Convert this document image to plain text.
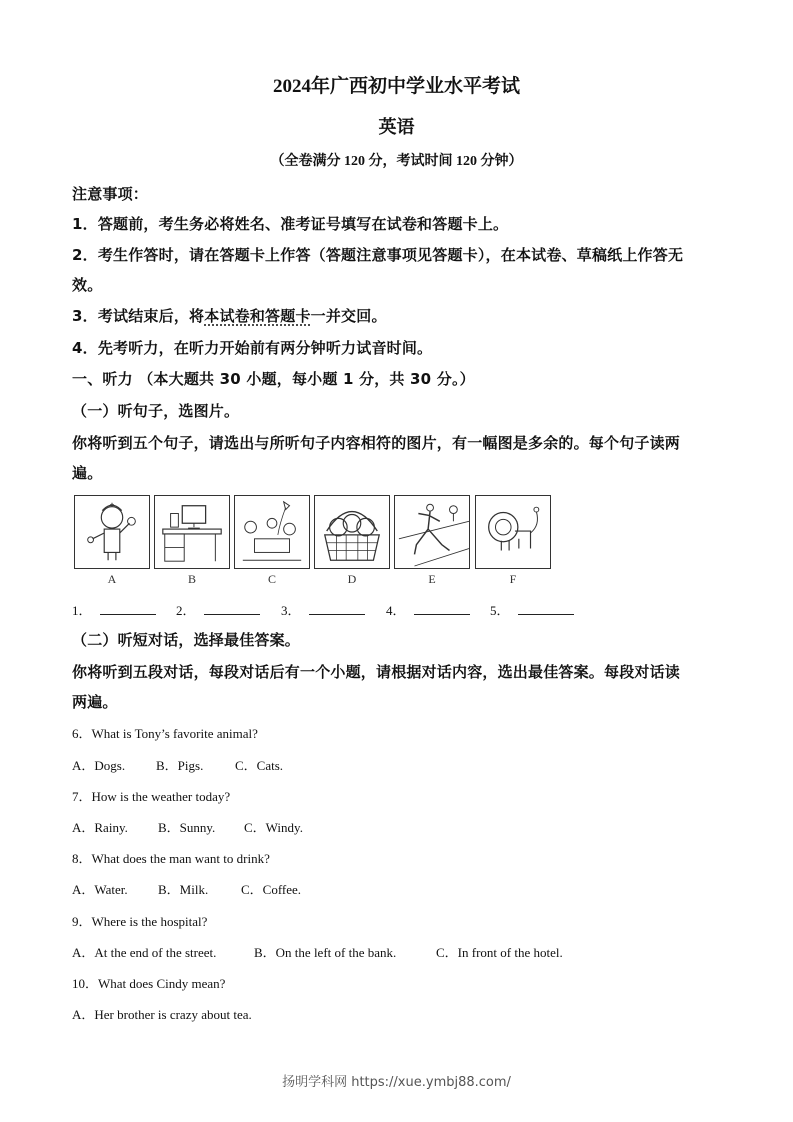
2024年广西初中学业水平考试
英语
（全卷满分 120 分，考试时间 120 分钟）
注意事项：
1．答题前，考生务必将姓名、准考证号填写在试卷和答题卡上。
2．考生作答时，请在答题卡上作答（答题注意事项见答题卡），在本试卷、草稿纸上作答无
效。
3．考试结束后，将本试卷和答题卡一并交回。
4．先考听力，在听力开始前有两分钟听力试音时间。
一、听力 （本大题共 30 小题，每小题 1 分，共 30 分。）
（一）听句子，选图片。
你将听到五个句子，请选出与所听句子内容相符的图片，有一幅图是多余的。每个句子读两
遍。
A	B	C	D	E	F
1．	2．	3．	4．	5．
（二）听短对话，选择最佳答案。
你将听到五段对话，每段对话后有一个小题，请根据对话内容，选出最佳答案。每段对话读
两遍。
6．What is Tony’s favorite animal?
A．Dogs. B．Pigs. C．Cats.
7．How is the weather today?
A．Rainy. B．Sunny. C．Windy.
8．What does the man want to drink?
A．Water. B．Milk.	C．Coffee.
9．Where is the hospital?
A．At the end of the street.	B．On the left of the bank.	C．In front of the hotel.
10．What does Cindy mean?
A．Her brother is crazy about tea.
扬明学科网 https://xue.ymbj88.com/
